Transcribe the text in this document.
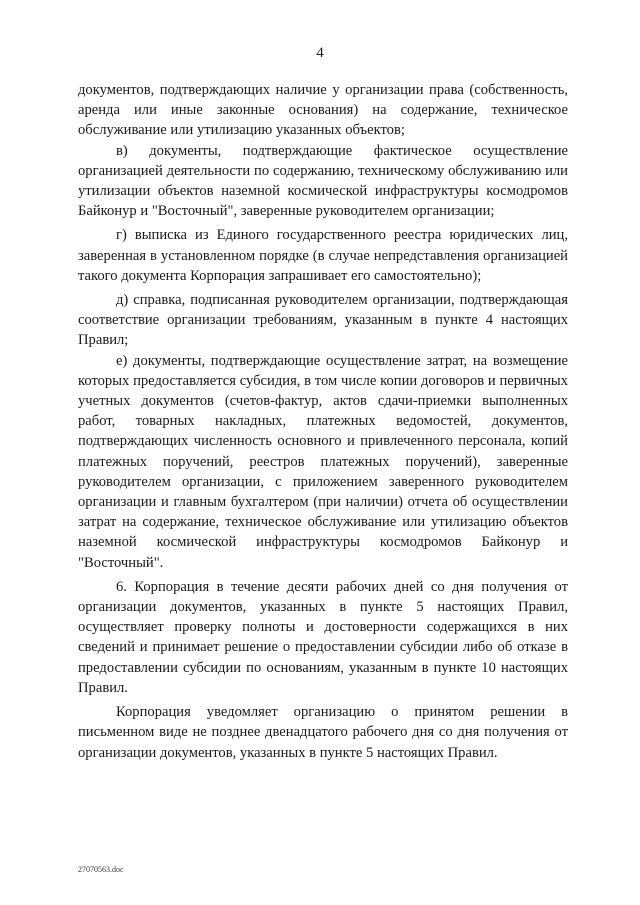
4

документов, подтверждающих наличие у организации права (собственность, аренда или иные законные основания) на содержание, техническое обслуживание или утилизацию указанных объектов;

в) документы, подтверждающие фактическое осуществление организацией деятельности по содержанию, техническому обслуживанию или утилизации объектов наземной космической инфраструктуры космодромов Байконур и "Восточный", заверенные руководителем организации;

г) выписка из Единого государственного реестра юридических лиц, заверенная в установленном порядке (в случае непредставления организацией такого документа Корпорация запрашивает его самостоятельно);

д) справка, подписанная руководителем организации, подтверждающая соответствие организации требованиям, указанным в пункте 4 настоящих Правил;

е) документы, подтверждающие осуществление затрат, на возмещение которых предоставляется субсидия, в том числе копии договоров и первичных учетных документов (счетов-фактур, актов сдачи-приемки выполненных работ, товарных накладных, платежных ведомостей, документов, подтверждающих численность основного и привлеченного персонала, копий платежных поручений, реестров платежных поручений), заверенные руководителем организации, с приложением заверенного руководителем организации и главным бухгалтером (при наличии) отчета об осуществлении затрат на содержание, техническое обслуживание или утилизацию объектов наземной космической инфраструктуры космодромов Байконур и "Восточный".

6. Корпорация в течение десяти рабочих дней со дня получения от организации документов, указанных в пункте 5 настоящих Правил, осуществляет проверку полноты и достоверности содержащихся в них сведений и принимает решение о предоставлении субсидии либо об отказе в предоставлении субсидии по основаниям, указанным в пункте 10 настоящих Правил.

Корпорация уведомляет организацию о принятом решении в письменном виде не позднее двенадцатого рабочего дня со дня получения от организации документов, указанных в пункте 5 настоящих Правил.

27070563.doc
